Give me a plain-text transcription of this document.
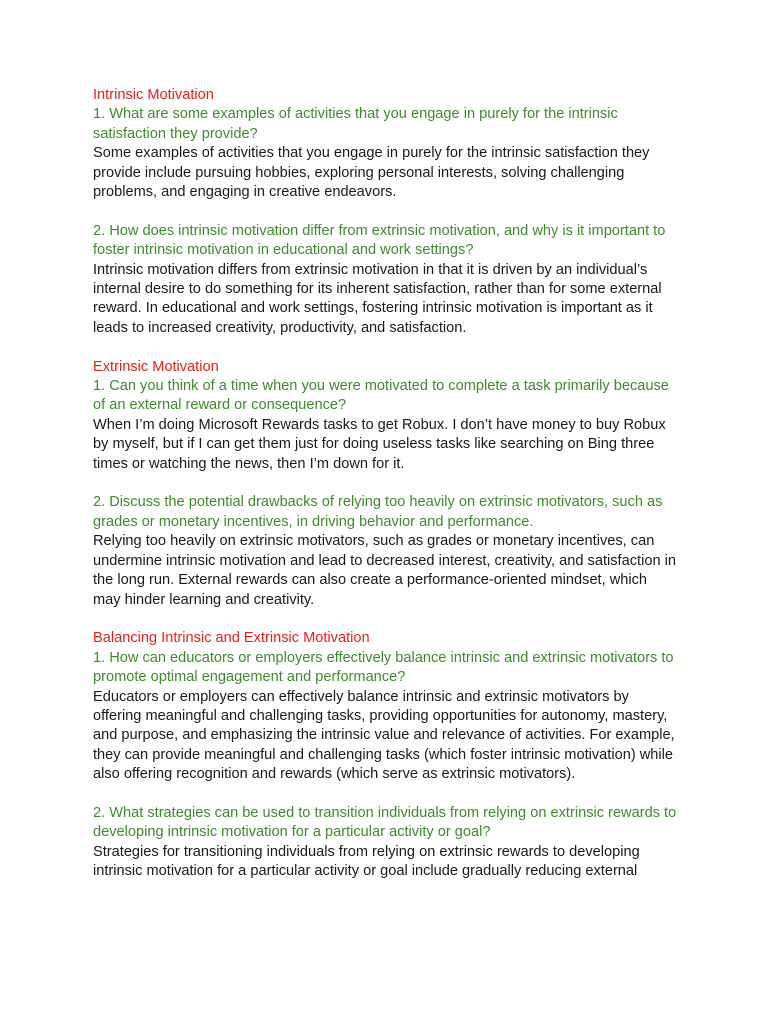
Intrinsic Motivation
1. What are some examples of activities that you engage in purely for the intrinsic satisfaction they provide?
Some examples of activities that you engage in purely for the intrinsic satisfaction they provide include pursuing hobbies, exploring personal interests, solving challenging problems, and engaging in creative endeavors.
2. How does intrinsic motivation differ from extrinsic motivation, and why is it important to foster intrinsic motivation in educational and work settings?
Intrinsic motivation differs from extrinsic motivation in that it is driven by an individual’s internal desire to do something for its inherent satisfaction, rather than for some external reward. In educational and work settings, fostering intrinsic motivation is important as it leads to increased creativity, productivity, and satisfaction.
Extrinsic Motivation
1. Can you think of a time when you were motivated to complete a task primarily because of an external reward or consequence?
When I’m doing Microsoft Rewards tasks to get Robux. I don’t have money to buy Robux by myself, but if I can get them just for doing useless tasks like searching on Bing three times or watching the news, then I’m down for it.
2. Discuss the potential drawbacks of relying too heavily on extrinsic motivators, such as grades or monetary incentives, in driving behavior and performance.
Relying too heavily on extrinsic motivators, such as grades or monetary incentives, can undermine intrinsic motivation and lead to decreased interest, creativity, and satisfaction in the long run. External rewards can also create a performance-oriented mindset, which may hinder learning and creativity.
Balancing Intrinsic and Extrinsic Motivation
1. How can educators or employers effectively balance intrinsic and extrinsic motivators to promote optimal engagement and performance?
Educators or employers can effectively balance intrinsic and extrinsic motivators by offering meaningful and challenging tasks, providing opportunities for autonomy, mastery, and purpose, and emphasizing the intrinsic value and relevance of activities. For example, they can provide meaningful and challenging tasks (which foster intrinsic motivation) while also offering recognition and rewards (which serve as extrinsic motivators).
2. What strategies can be used to transition individuals from relying on extrinsic rewards to developing intrinsic motivation for a particular activity or goal?
Strategies for transitioning individuals from relying on extrinsic rewards to developing intrinsic motivation for a particular activity or goal include gradually reducing external
